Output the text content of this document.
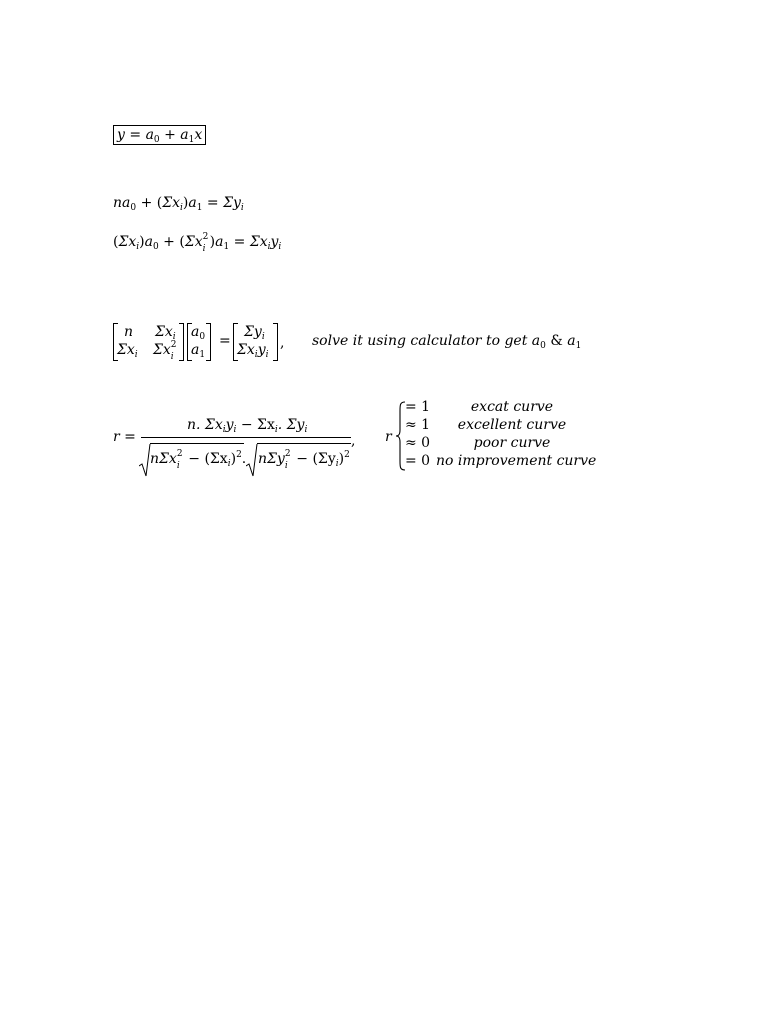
$y = a_0 + a_1x$
$na_0 + (\Sigma x_i)a_1 = \Sigma y_i$
$(\Sigma x_i)a_0 + (\Sigma x$ 2
i )$a_1 = \Sigma x_iy_i$
n $\Sigma x_i$
$\Sigma x_i$ Σx 2
i
$a_0$
$a_1$
=
$\Sigma y_i$
$\Sigma x_iy_i$
, solve it using calculator to get $a_0$ & $a_1$
r =
n. $\Sigma x_iy_i - \Sigma x_i$. $\Sigma y_i$
nΣx 2
$i - (\Sigma x_i)^2$. nΣy 2
$i - (\Sigma y_i)^2$
, r
= 1	excat curve
≈ 1	excellent curve
≈ 0	poor curve
= 0 no improvement curve
